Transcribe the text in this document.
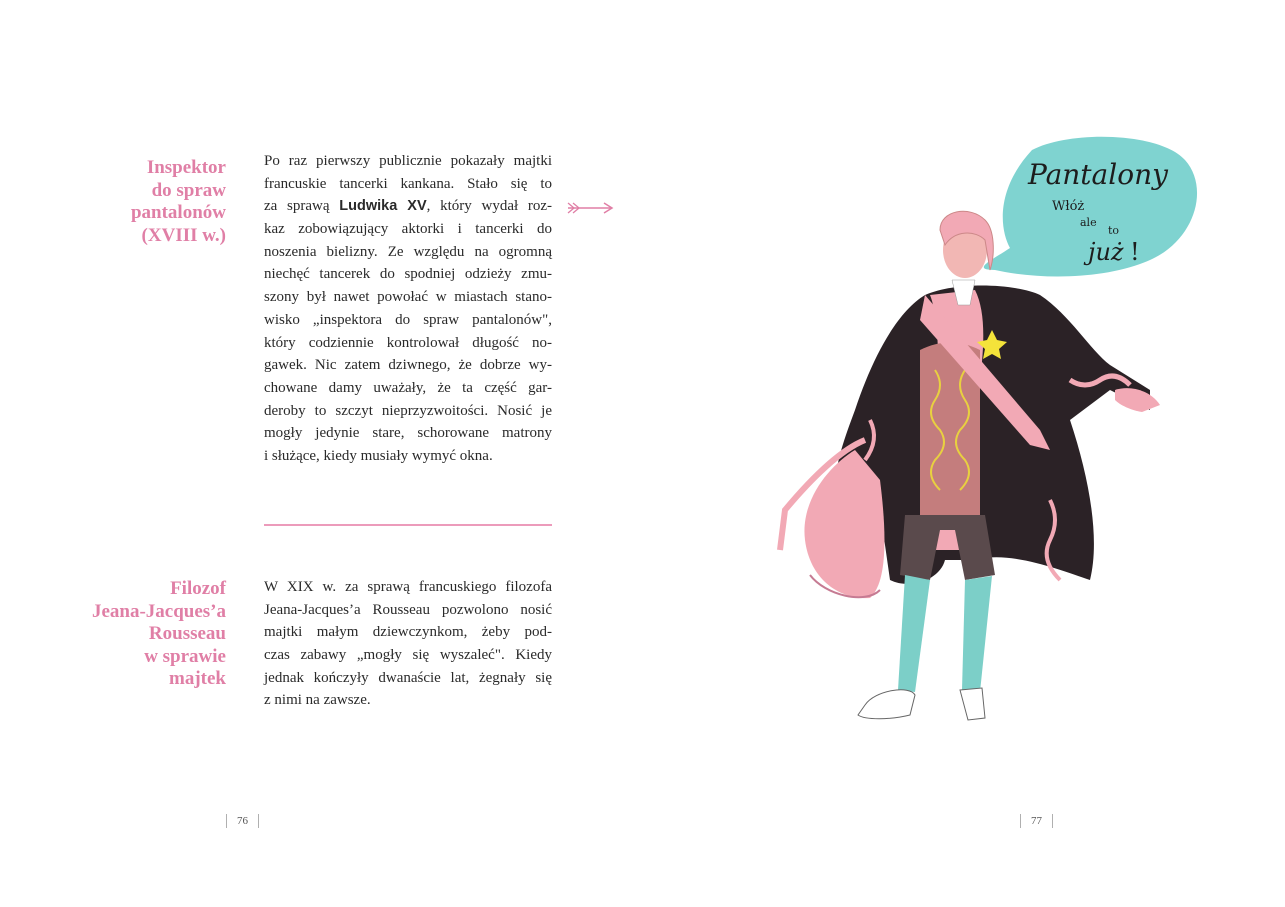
Inspektor
do spraw
pantalonów
(XVIII w.)
Po raz pierwszy publicznie pokazały majtki
francuskie tancerki kankana. Stało się to
za sprawą Ludwika XV, który wydał roz-
kaz zobowiązujący aktorki i tancerki do
noszenia bielizny. Ze względu na ogromną
niechęć tancerek do spodniej odzieży zmu-
szony był nawet powołać w miastach stano-
wisko „inspektora do spraw pantalonów",
który codziennie kontrolował długość no-
gawek. Nic zatem dziwnego, że dobrze wy-
chowane damy uważały, że ta część gar-
deroby to szczyt nieprzyzwoitości. Nosić je
mogły jedynie stare, schorowane matrony
i służące, kiedy musiały wymyć okna.
Filozof
Jeana-Jacques’a
Rousseau
w sprawie
majtek
W XIX w. za sprawą francuskiego filozofa
Jeana-Jacques’a Rousseau pozwolono nosić
majtki małym dziewczynkom, żeby pod-
czas zabawy „mogły się wyszaleć". Kiedy
jednak kończyły dwanaście lat, żegnały się
z nimi na zawsze.
76	77
Pantalony
Włóż
ale
to
już !
